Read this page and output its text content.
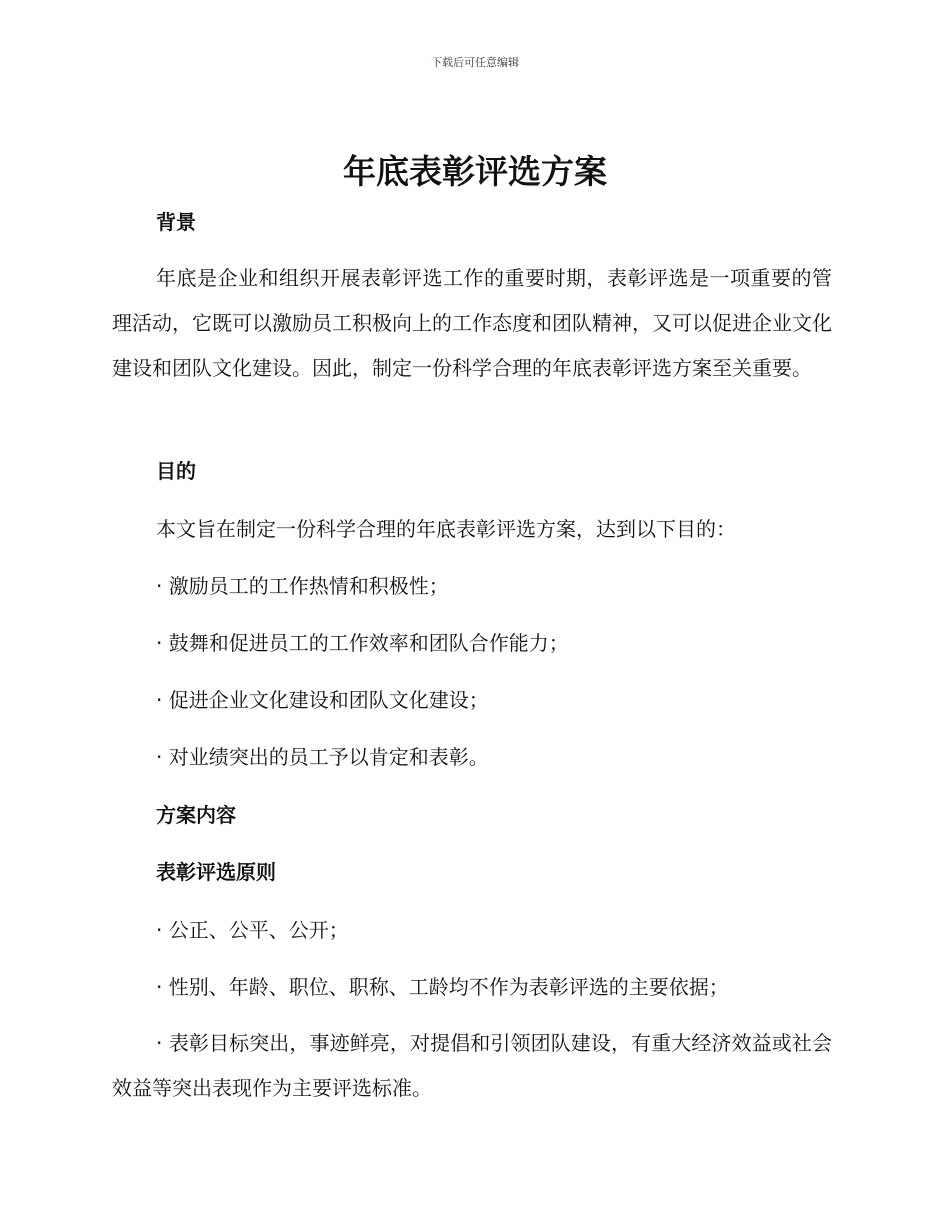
下载后可任意编辑
年底表彰评选方案
背景

年底是企业和组织开展表彰评选工作的重要时期，表彰评选是一项重要的管理活动，它既可以激励员工积极向上的工作态度和团队精神，又可以促进企业文化建设和团队文化建设。因此，制定一份科学合理的年底表彰评选方案至关重要。

目的

本文旨在制定一份科学合理的年底表彰评选方案，达到以下目的：

· 激励员工的工作热情和积极性；

· 鼓舞和促进员工的工作效率和团队合作能力；

· 促进企业文化建设和团队文化建设；

· 对业绩突出的员工予以肯定和表彰。

方案内容
表彰评选原则

· 公正、公平、公开；

· 性别、年龄、职位、职称、工龄均不作为表彰评选的主要依据；

· 表彰目标突出，事迹鲜亮，对提倡和引领团队建设，有重大经济效益或社会效益等突出表现作为主要评选标准。
